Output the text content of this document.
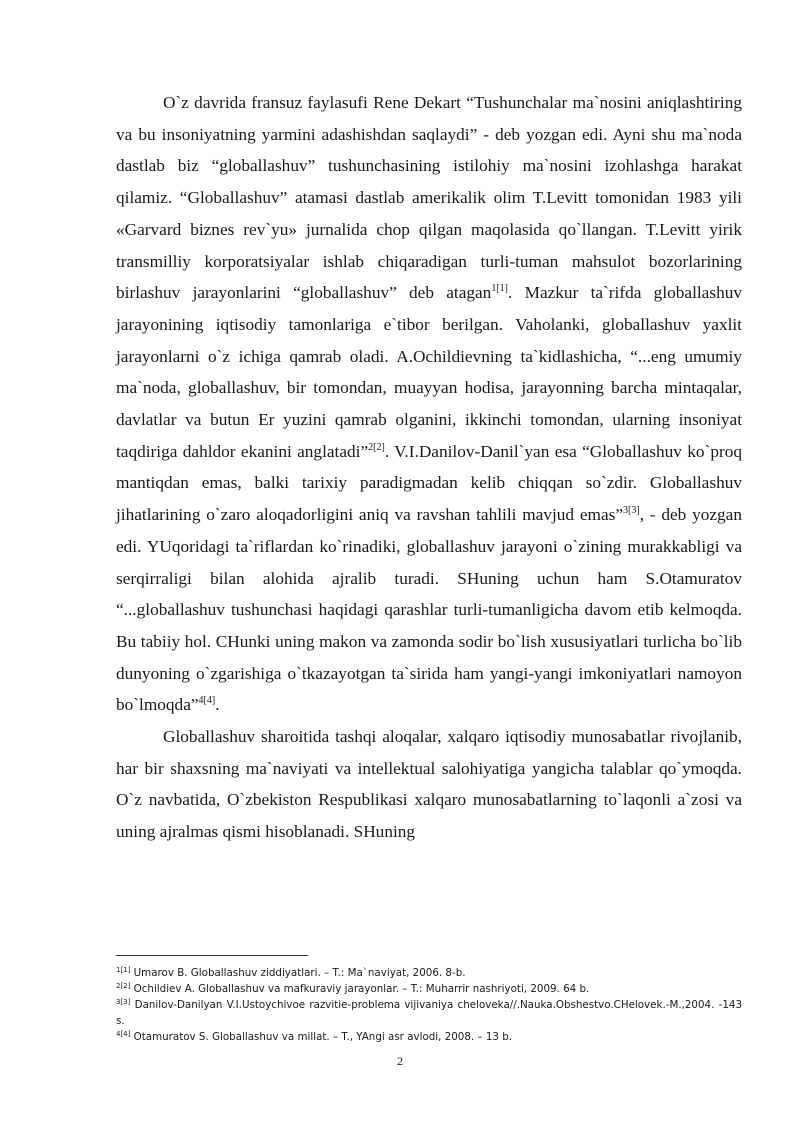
O`z davrida fransuz faylasufi Rene Dekart “Tushunchalar ma`nosini aniqlashtiring va bu insoniyatning yarmini adashishdan saqlaydi” - deb yozgan edi. Ayni shu ma`noda dastlab biz “globallashuv” tushunchasining istilohiy ma`nosini izohlashga harakat qilamiz. “Globallashuv” atamasi dastlab amerikalik olim T.Levitt tomonidan 1983 yili «Garvard biznes rev`yu» jurnalida chop qilgan maqolasida qo`llangan. T.Levitt yirik transmilliy korporatsiyalar ishlab chiqaradigan turli-tuman mahsulot bozorlarining birlashuv jarayonlarini “globallashuv” deb atagan$^{1[1]}$. Mazkur ta`rifda globallashuv jarayonining iqtisodiy tamonlariga e`tibor berilgan. Vaholanki, globallashuv yaxlit jarayonlarni o`z ichiga qamrab oladi. A.Ochildievning ta`kidlashicha, “...eng umumiy ma`noda, globallashuv, bir tomondan, muayyan hodisa, jarayonning barcha mintaqalar, davlatlar va butun Er yuzini qamrab olganini, ikkinchi tomondan, ularning insoniyat taqdiriga dahldor ekanini anglatadi”$^{2[2]}$. V.I.Danilov-Danil`yan esa “Globallashuv ko`proq mantiqdan emas, balki tarixiy paradigmadan kelib chiqqan so`zdir. Globallashuv jihatlarining o`zaro aloqadorligini aniq va ravshan tahlili mavjud emas”$^{3[3]}$, - deb yozgan edi. YUqoridagi ta`riflardan ko`rinadiki, globallashuv jarayoni o`zining murakkabligi va serqirraligi bilan alohida ajralib turadi. SHuning uchun ham S.Otamuratov “...globallashuv tushunchasi haqidagi qarashlar turli-tumanligicha davom etib kelmoqda. Bu tabiiy hol. CHunki uning makon va zamonda sodir bo`lish xususiyatlari turlicha bo`lib dunyoning o`zgarishiga o`tkazayotgan ta`sirida ham yangi-yangi imkoniyatlari namoyon bo`lmoqda”$^{4[4]}$.

Globallashuv sharoitida tashqi aloqalar, xalqaro iqtisodiy munosabatlar rivojlanib, har bir shaxsning ma`naviyati va intellektual salohiyatiga yangicha talablar qo`ymoqda. O`z navbatida, O`zbekiston Respublikasi xalqaro munosabatlarning to`laqonli a`zosi va uning ajralmas qismi hisoblanadi. SHuning

$^{1[1]}$ Umarov B. Globallashuv ziddiyatlari. – T.: Ma`naviyat, 2006. 8-b.

$^{2[2]}$ Ochildiev A. Globallashuv va mafkuraviy jarayonlar. – T.: Muharrir nashriyoti, 2009. 64 b.

$^{3[3]}$ Danilov-Danilyan V.I.Ustoychivoe razvitie-problema vijivaniya cheloveka//.Nauka.Obshestvo.CHelovek.-M.,2004. -143 s.

$^{4[4]}$ Otamuratov S. Globallashuv va millat. – T., YAngi asr avlodi, 2008. – 13 b.

2
